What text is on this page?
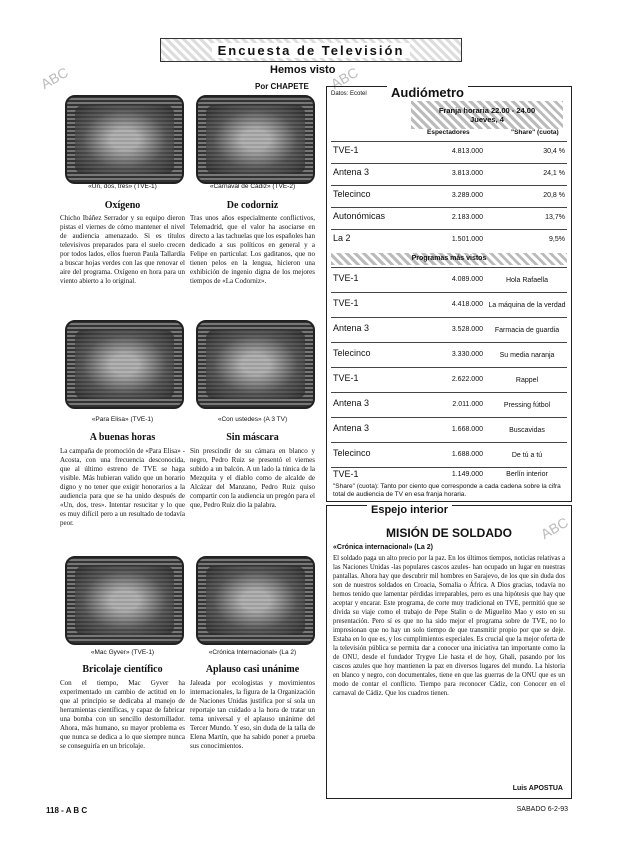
Encuesta de Televisión
Hemos visto
Por CHAPETE
ABC	ABC
ABC
«Un, dos, tres» (TVE-1)
Oxígeno
Chicho Ibáñez Serrador y su equipo dieron pistas el viernes de cómo mantener el nivel de audiencia amenazado. Si es títulos televisivos preparados para el suelo crecen por todos lados, ellos fueron Paula Tallardía a buscar hojas verdes con las que renovar el aire del programa. Oxígeno en hora para un viento abierto a lo original.
«Carnaval de Cádiz» (TVE-2)
De codorniz
Tras unos años especialmente conflictivos, Telemadrid, que el valor ha asociarse en directo a las tachuelas que los españoles han dedicado a sus políticos en general y a Felipe en particular. Los gaditanos, que no tienen pelos en la lengua, hicieron una exhibición de ingenio digna de los mejores tiempos de «La Codorniz».
«Para Elisa» (TVE-1)
A buenas horas
La campaña de promoción de «Para Elisa» -Acosta, con una frecuencia desconocida, que al último estreno de TVE se haga visible. Más hubieran valido que un horario digno y no tener que exigir honorarios a la audiencia para que se ha unido después de «Un, dos, tres». Intentar resucitar y lo que es muy difícil pero a un resultado de todavía peor.
«Con ustedes» (A 3 TV)
Sin máscara
Sin prescindir de su cámara en blanco y negro, Pedro Ruiz se presentó el viernes subido a un balcón. A un lado la túnica de la Mezquita y el diablo como de alcalde de Alcázar del Manzano, Pedro Ruiz quiso compartir con la audiencia un pregón para el que, Pedro Ruiz dio la palabra.
«Mac Gyver» (TVE-1)
Bricolaje científico
Con el tiempo, Mac Gyver ha experimentado un cambio de actitud en lo que al principio se dedicaba al manejo de herramientas científicas, y capaz de fabricar una bomba con un sencillo destornillador. Ahora, más humano, su mayor problema es que nunca se dedica a lo que siempre nunca se conseguiría en un bricolaje.
«Crónica Internacional» (La 2)
Aplauso casi unánime
Jaleada por ecologistas y movimientos internacionales, la figura de la Organización de Naciones Unidas justifica por sí sola un reportaje tan cuidado a la hora de tratar un tema universal y el aplauso unánime del Tercer Mundo. Y eso, sin duda de la talla de Elena Martín, que ha sabido poner a prueba sus conocimientos.
Audiómetro
Datos: Ecotel
Franja horaria 22.00 - 24.00
Jueves, 4
Espectadores	"Share" (cuota)
TVE-1	4.813.000	30,4 %
Antena 3	3.813.000	24,1 %
Telecinco	3.289.000	20,8 %
Autonómicas	2.183.000	13,7%
La 2	1.501.000	9,5%
Programas más vistos
TVE-1	4.089.000	Hola Rafaella
TVE-1	4.418.000 La máquina de la verdad
Antena 3	3.528.000	Farmacia de guardia
Telecinco	3.330.000	Su media naranja
TVE-1	2.622.000	Rappel
Antena 3	2.011.000	Pressing fútbol
Antena 3	1.668.000	Buscavidas
Telecinco	1.688.000	De tú a tú
TVE-1	1.149.000	Berlín interior
"Share" (cuota): Tanto por ciento que corresponde a cada cadena sobre la cifra total de audiencia de TV en esa franja horaria.
Espejo interior
MISIÓN DE SOLDADO
«Crónica internacional» (La 2)
El soldado paga un alto precio por la paz. En los últimos tiempos, noticias relativas a las Naciones Unidas -las populares cascos azules- han ocupado un lugar en nuestras pantallas. Ahora hay que descubrir mil hombres en Sarajevo, de los que sin duda dos son de nuestros soldados en Croacia, Somalia o África. A Dios gracias, todavía no hemos tenido que lamentar pérdidas irreparables, pero es una hipótesis que hay que aceptar y encarar. Este programa, de corte muy tradicional en TVE, permitió que se divida su viaje como el trabajo de Pepe Stalin o de Miguelito Mao y esto en su presentación. Pero sí es que no ha sido mejor el programa sobre de TVE, no lo impresionan que no hay un solo tiempo de que transmitir propio por que se deje. Estaba en lo que es, y los cumplimientos especiales. Es crucial que la mejor oferta de la televisión pública se permita dar a conocer una iniciativa tan importante como la de ONU, desde el fundador Trygve Lie hasta el de hoy, Ghali, pasando por los cascos azules que hoy mantienen la paz en diversos lugares del mundo. La historia en blanco y negro, con documentales, tiene en que las guerras de la ONU que es un modo de contar el conflicto. Tiempo para reconocer Cádiz, con Conocer en el carnaval de Cádiz. Que los cuadros tienen.
Luis APOSTUA
118 - A B C	SABADO 6-2-93
